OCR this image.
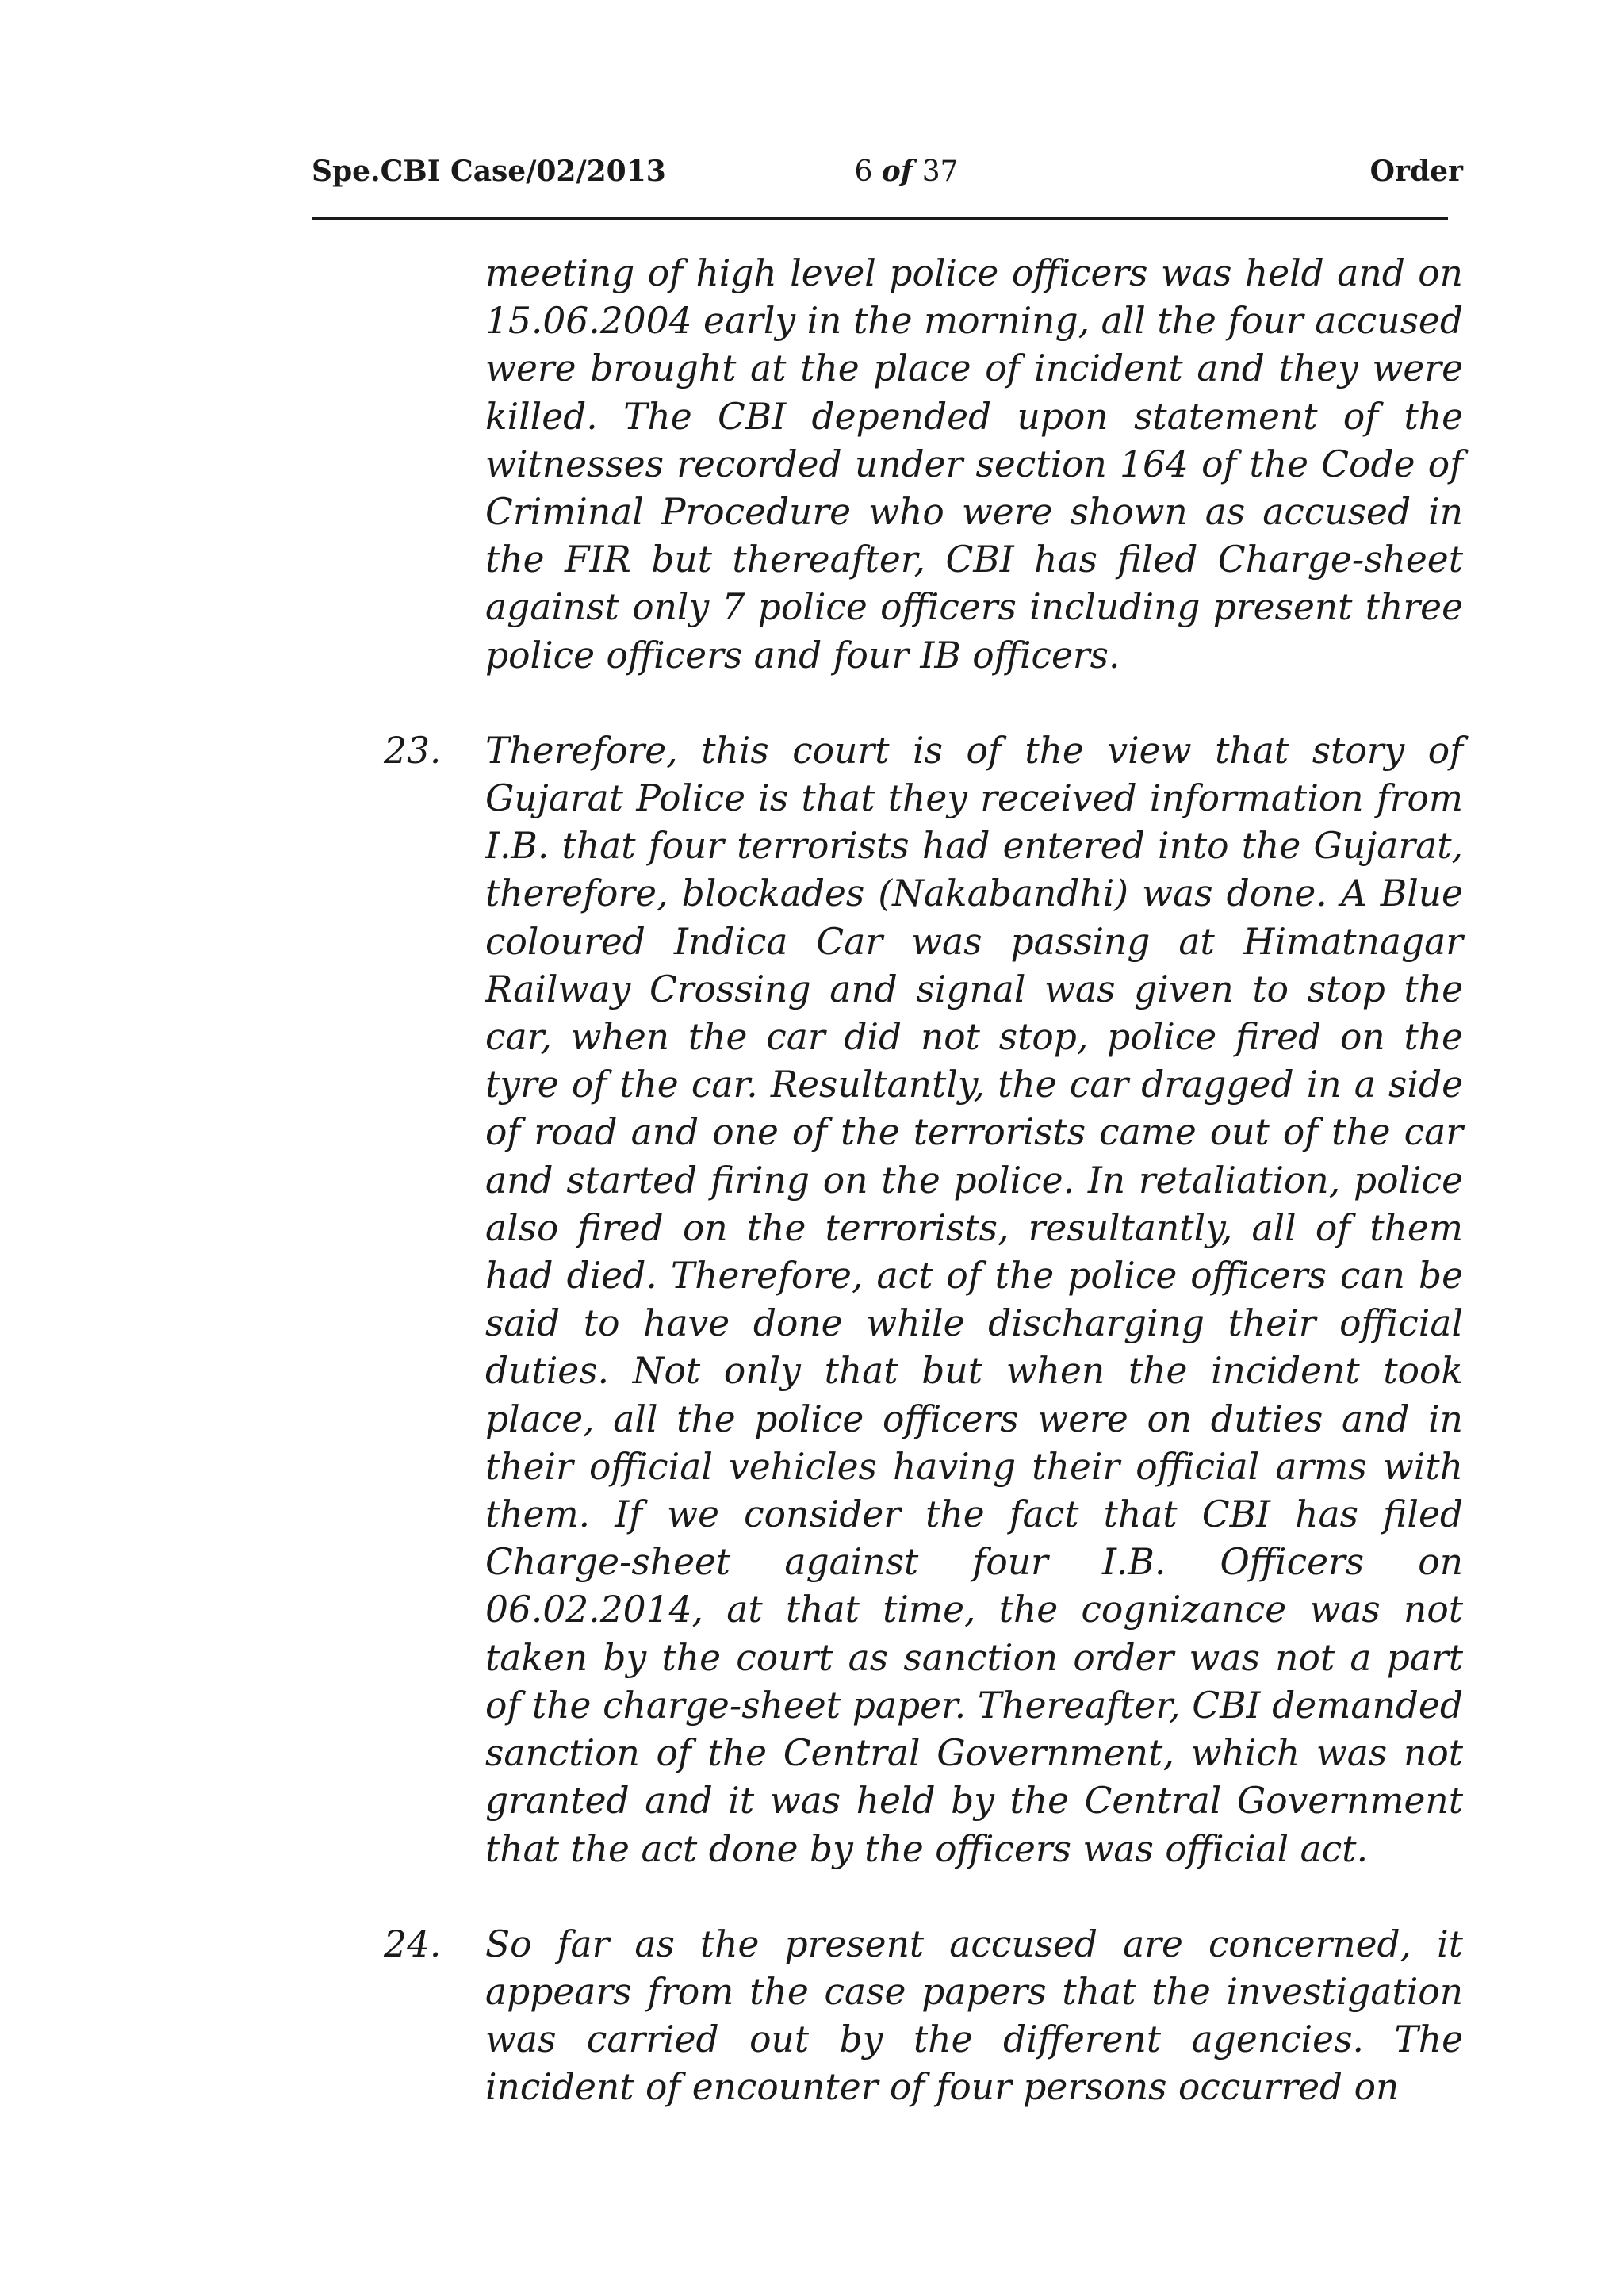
Spe.CBI Case/02/2013	6 of 37	Order
meeting of high level police officers was held and on 15.06.2004 early in the morning, all the four accused were brought at the place of incident and they were killed. The CBI depended upon statement of the witnesses recorded under section 164 of the Code of Criminal Procedure who were shown as accused in the FIR but thereafter, CBI has filed Charge-sheet against only 7 police officers including present three police officers and four IB officers.
23. Therefore, this court is of the view that story of Gujarat Police is that they received information from I.B. that four terrorists had entered into the Gujarat, therefore, blockades (Nakabandhi) was done. A Blue coloured Indica Car was passing at Himatnagar Railway Crossing and signal was given to stop the car, when the car did not stop, police fired on the tyre of the car. Resultantly, the car dragged in a side of road and one of the terrorists came out of the car and started firing on the police. In retaliation, police also fired on the terrorists, resultantly, all of them had died. Therefore, act of the police officers can be said to have done while discharging their official duties. Not only that but when the incident took place, all the police officers were on duties and in their official vehicles having their official arms with them. If we consider the fact that CBI has filed Charge-sheet against four I.B. Officers on 06.02.2014, at that time, the cognizance was not taken by the court as sanction order was not a part of the charge-sheet paper. Thereafter, CBI demanded sanction of the Central Government, which was not granted and it was held by the Central Government that the act done by the officers was official act.
24. So far as the present accused are concerned, it appears from the case papers that the investigation was carried out by the different agencies. The incident of encounter of four persons occurred on
